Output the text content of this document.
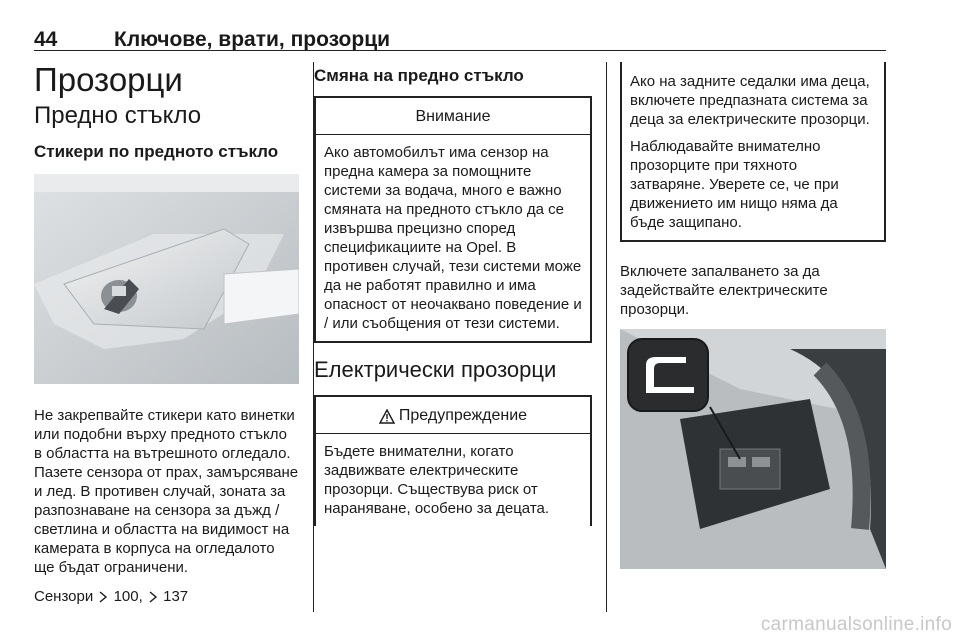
44	Ключове, врати, прозорци
Прозорци
Предно стъкло
Стикери по предното стъкло

Не закрепвайте стикери като винетки или подобни върху предното стъкло в областта на вътрешното огледало. Пазете сензора от прах, замърсяване и лед. В противен случай, зоната за разпознаване на сензора за дъжд / светлина и областта на видимост на камерата в корпуса на огледалото ще бъдат ограничени.

Сензори 100, 137

Смяна на предно стъкло
Внимание
Ако автомобилът има сензор на предна камера за помощните системи за водача, много е важно смяната на предното стъкло да се извършва прецизно според спецификациите на Opel. В противен случай, тези системи може да не работят правилно и има опасност от неочаквано поведение и / или съобщения от тези системи.
Електрически прозорци
Предупреждение
Бъдете внимателни, когато задвижвате електрическите прозорци. Съществува риск от нараняване, особено за децата.

Ако на задните седалки има деца, включете предпазната система за деца за електрическите прозорци.

Наблюдавайте внимателно прозорците при тяхното затваряне. Уверете се, че при движението им нищо няма да бъде защипано.

Включете запалването за да задействайте електрическите прозорци.

carmanualsonline.info
